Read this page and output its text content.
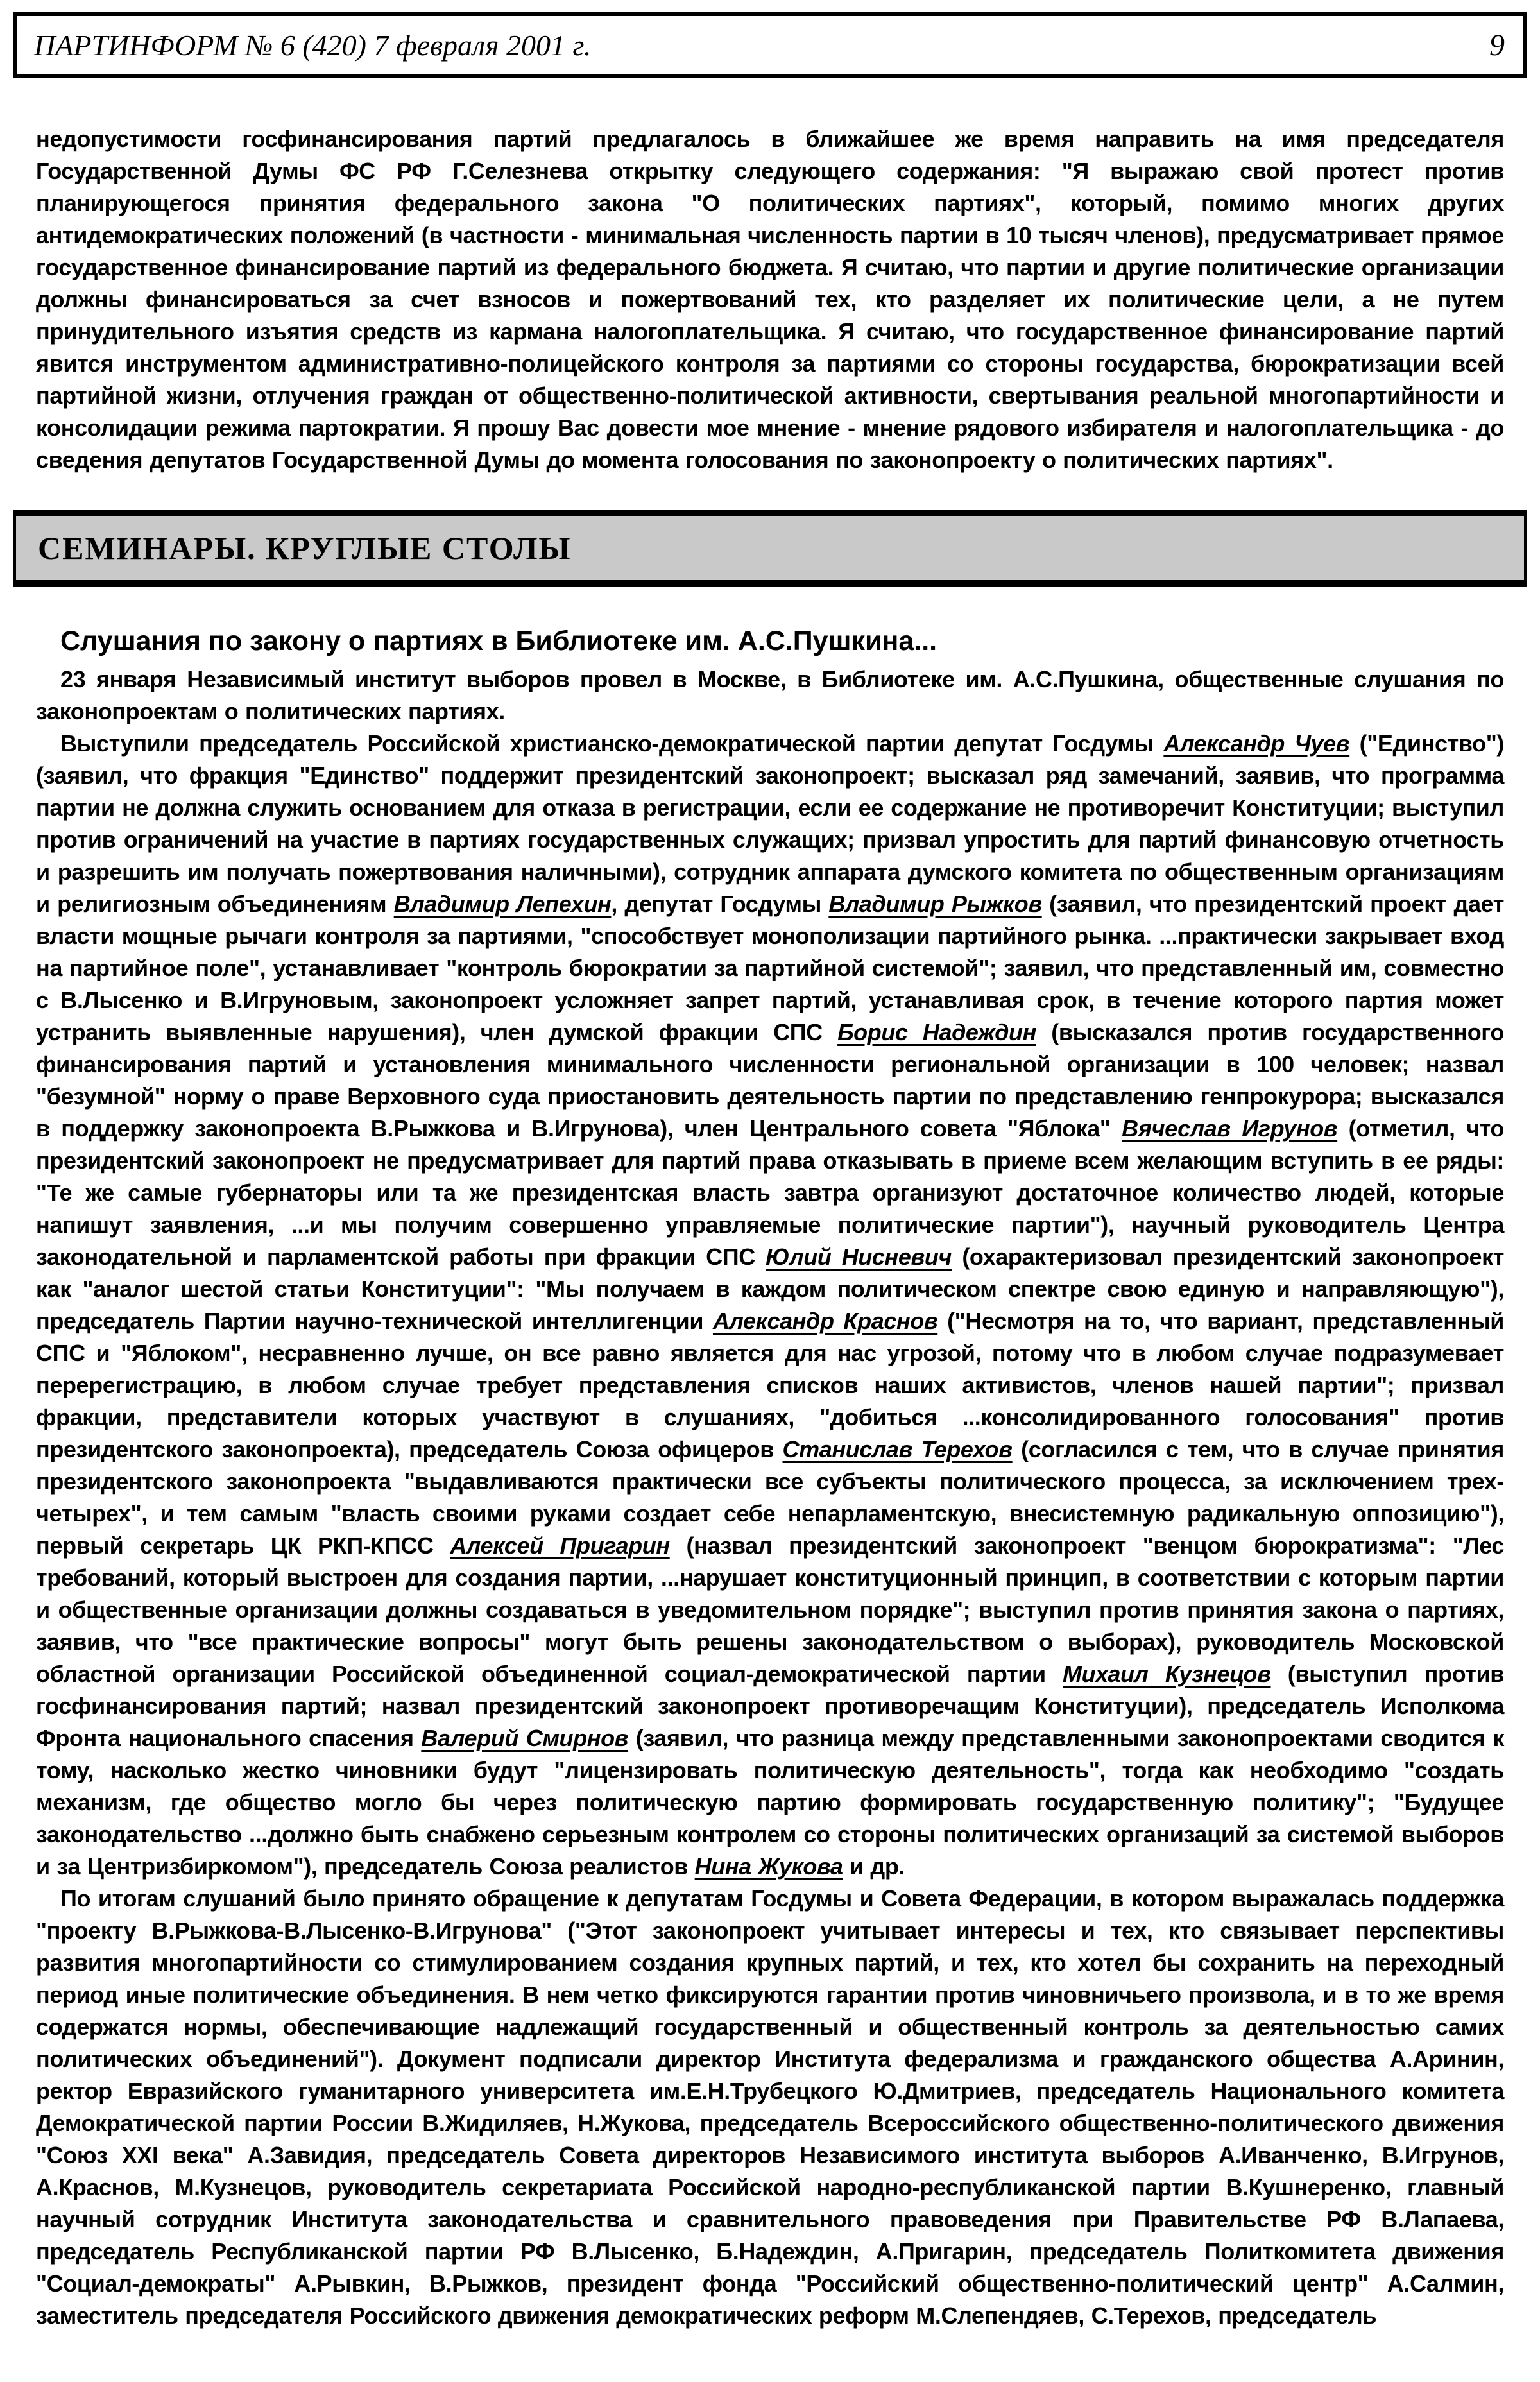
ПАРТИНФОРМ № 6 (420) 7 февраля 2001 г.	9

недопустимости госфинансирования партий предлагалось в ближайшее же время направить на имя председателя Государственной Думы ФС РФ Г.Селезнева открытку следующего содержания: "Я выражаю свой протест против планирующегося принятия федерального закона "О политических партиях", который, помимо многих других антидемократических положений (в частности - минимальная численность партии в 10 тысяч членов), предусматривает прямое государственное финансирование партий из федерального бюджета. Я считаю, что партии и другие политические организации должны финансироваться за счет взносов и пожертвований тех, кто разделяет их политические цели, а не путем принудительного изъятия средств из кармана налогоплательщика. Я считаю, что государственное финансирование партий явится инструментом административно-полицейского контроля за партиями со стороны государства, бюрократизации всей партийной жизни, отлучения граждан от общественно-политической активности, свертывания реальной многопартийности и консолидации режима партократии. Я прошу Вас довести мое мнение - мнение рядового избирателя и налогоплательщика - до сведения депутатов Государственной Думы до момента голосования по законопроекту о политических партиях".

СЕМИНАРЫ. КРУГЛЫЕ СТОЛЫ
Слушания по закону о партиях в Библиотеке им. А.С.Пушкина...

23 января Независимый институт выборов провел в Москве, в Библиотеке им. А.С.Пушкина, общественные слушания по законопроектам о политических партиях.

Выступили председатель Российской христианско-демократической партии депутат Госдумы Александр Чуев ("Единство") (заявил, что фракция "Единство" поддержит президентский законопроект; высказал ряд замечаний, заявив, что программа партии не должна служить основанием для отказа в регистрации, если ее содержание не противоречит Конституции; выступил против ограничений на участие в партиях государственных служащих; призвал упростить для партий финансовую отчетность и разрешить им получать пожертвования наличными), сотрудник аппарата думского комитета по общественным организациям и религиозным объединениям Владимир Лепехин, депутат Госдумы Владимир Рыжков (заявил, что президентский проект дает власти мощные рычаги контроля за партиями, "способствует монополизации партийного рынка. ...практически закрывает вход на партийное поле", устанавливает "контроль бюрократии за партийной системой"; заявил, что представленный им, совместно с В.Лысенко и В.Игруновым, законопроект усложняет запрет партий, устанавливая срок, в течение которого партия может устранить выявленные нарушения), член думской фракции СПС Борис Надеждин (высказался против государственного финансирования партий и установления минимального численности региональной организации в 100 человек; назвал "безумной" норму о праве Верховного суда приостановить деятельность партии по представлению генпрокурора; высказался в поддержку законопроекта В.Рыжкова и В.Игрунова), член Центрального совета "Яблока" Вячеслав Игрунов (отметил, что президентский законопроект не предусматривает для партий права отказывать в приеме всем желающим вступить в ее ряды: "Те же самые губернаторы или та же президентская власть завтра организуют достаточное количество людей, которые напишут заявления, ...и мы получим совершенно управляемые политические партии"), научный руководитель Центра законодательной и парламентской работы при фракции СПС Юлий Нисневич (охарактеризовал президентский законопроект как "аналог шестой статьи Конституции": "Мы получаем в каждом политическом спектре свою единую и направляющую"), председатель Партии научно-технической интеллигенции Александр Краснов ("Несмотря на то, что вариант, представленный СПС и "Яблоком", несравненно лучше, он все равно является для нас угрозой, потому что в любом случае подразумевает перерегистрацию, в любом случае требует представления списков наших активистов, членов нашей партии"; призвал фракции, представители которых участвуют в слушаниях, "добиться ...консолидированного голосования" против президентского законопроекта), председатель Союза офицеров Станислав Терехов (согласился с тем, что в случае принятия президентского законопроекта "выдавливаются практически все субъекты политического процесса, за исключением трех-четырех", и тем самым "власть своими руками создает себе непарламентскую, внесистемную радикальную оппозицию"), первый секретарь ЦК РКП-КПСС Алексей Пригарин (назвал президентский законопроект "венцом бюрократизма": "Лес требований, который выстроен для создания партии, ...нарушает конституционный принцип, в соответствии с которым партии и общественные организации должны создаваться в уведомительном порядке"; выступил против принятия закона о партиях, заявив, что "все практические вопросы" могут быть решены законодательством о выборах), руководитель Московской областной организации Российской объединенной социал-демократической партии Михаил Кузнецов (выступил против госфинансирования партий; назвал президентский законопроект противоречащим Конституции), председатель Исполкома Фронта национального спасения Валерий Смирнов (заявил, что разница между представленными законопроектами сводится к тому, насколько жестко чиновники будут "лицензировать политическую деятельность", тогда как необходимо "создать механизм, где общество могло бы через политическую партию формировать государственную политику"; "Будущее законодательство ...должно быть снабжено серьезным контролем со стороны политических организаций за системой выборов и за Центризбиркомом"), председатель Союза реалистов Нина Жукова и др.

По итогам слушаний было принято обращение к депутатам Госдумы и Совета Федерации, в котором выражалась поддержка "проекту В.Рыжкова-В.Лысенко-В.Игрунова" ("Этот законопроект учитывает интересы и тех, кто связывает перспективы развития многопартийности со стимулированием создания крупных партий, и тех, кто хотел бы сохранить на переходный период иные политические объединения. В нем четко фиксируются гарантии против чиновничьего произвола, и в то же время содержатся нормы, обеспечивающие надлежащий государственный и общественный контроль за деятельностью самих политических объединений"). Документ подписали директор Института федерализма и гражданского общества А.Аринин, ректор Евразийского гуманитарного университета им.Е.Н.Трубецкого Ю.Дмитриев, председатель Национального комитета Демократической партии России В.Жидиляев, Н.Жукова, председатель Всероссийского общественно-политического движения "Союз XXI века" А.Завидия, председатель Совета директоров Независимого института выборов А.Иванченко, В.Игрунов, А.Краснов, М.Кузнецов, руководитель секретариата Российской народно-республиканской партии В.Кушнеренко, главный научный сотрудник Института законодательства и сравнительного правоведения при Правительстве РФ В.Лапаева, председатель Республиканской партии РФ В.Лысенко, Б.Надеждин, А.Пригарин, председатель Политкомитета движения "Социал-демократы" А.Рывкин, В.Рыжков, президент фонда "Российский общественно-политический центр" А.Салмин, заместитель председателя Российского движения демократических реформ М.Слепендяев, С.Терехов, председатель
